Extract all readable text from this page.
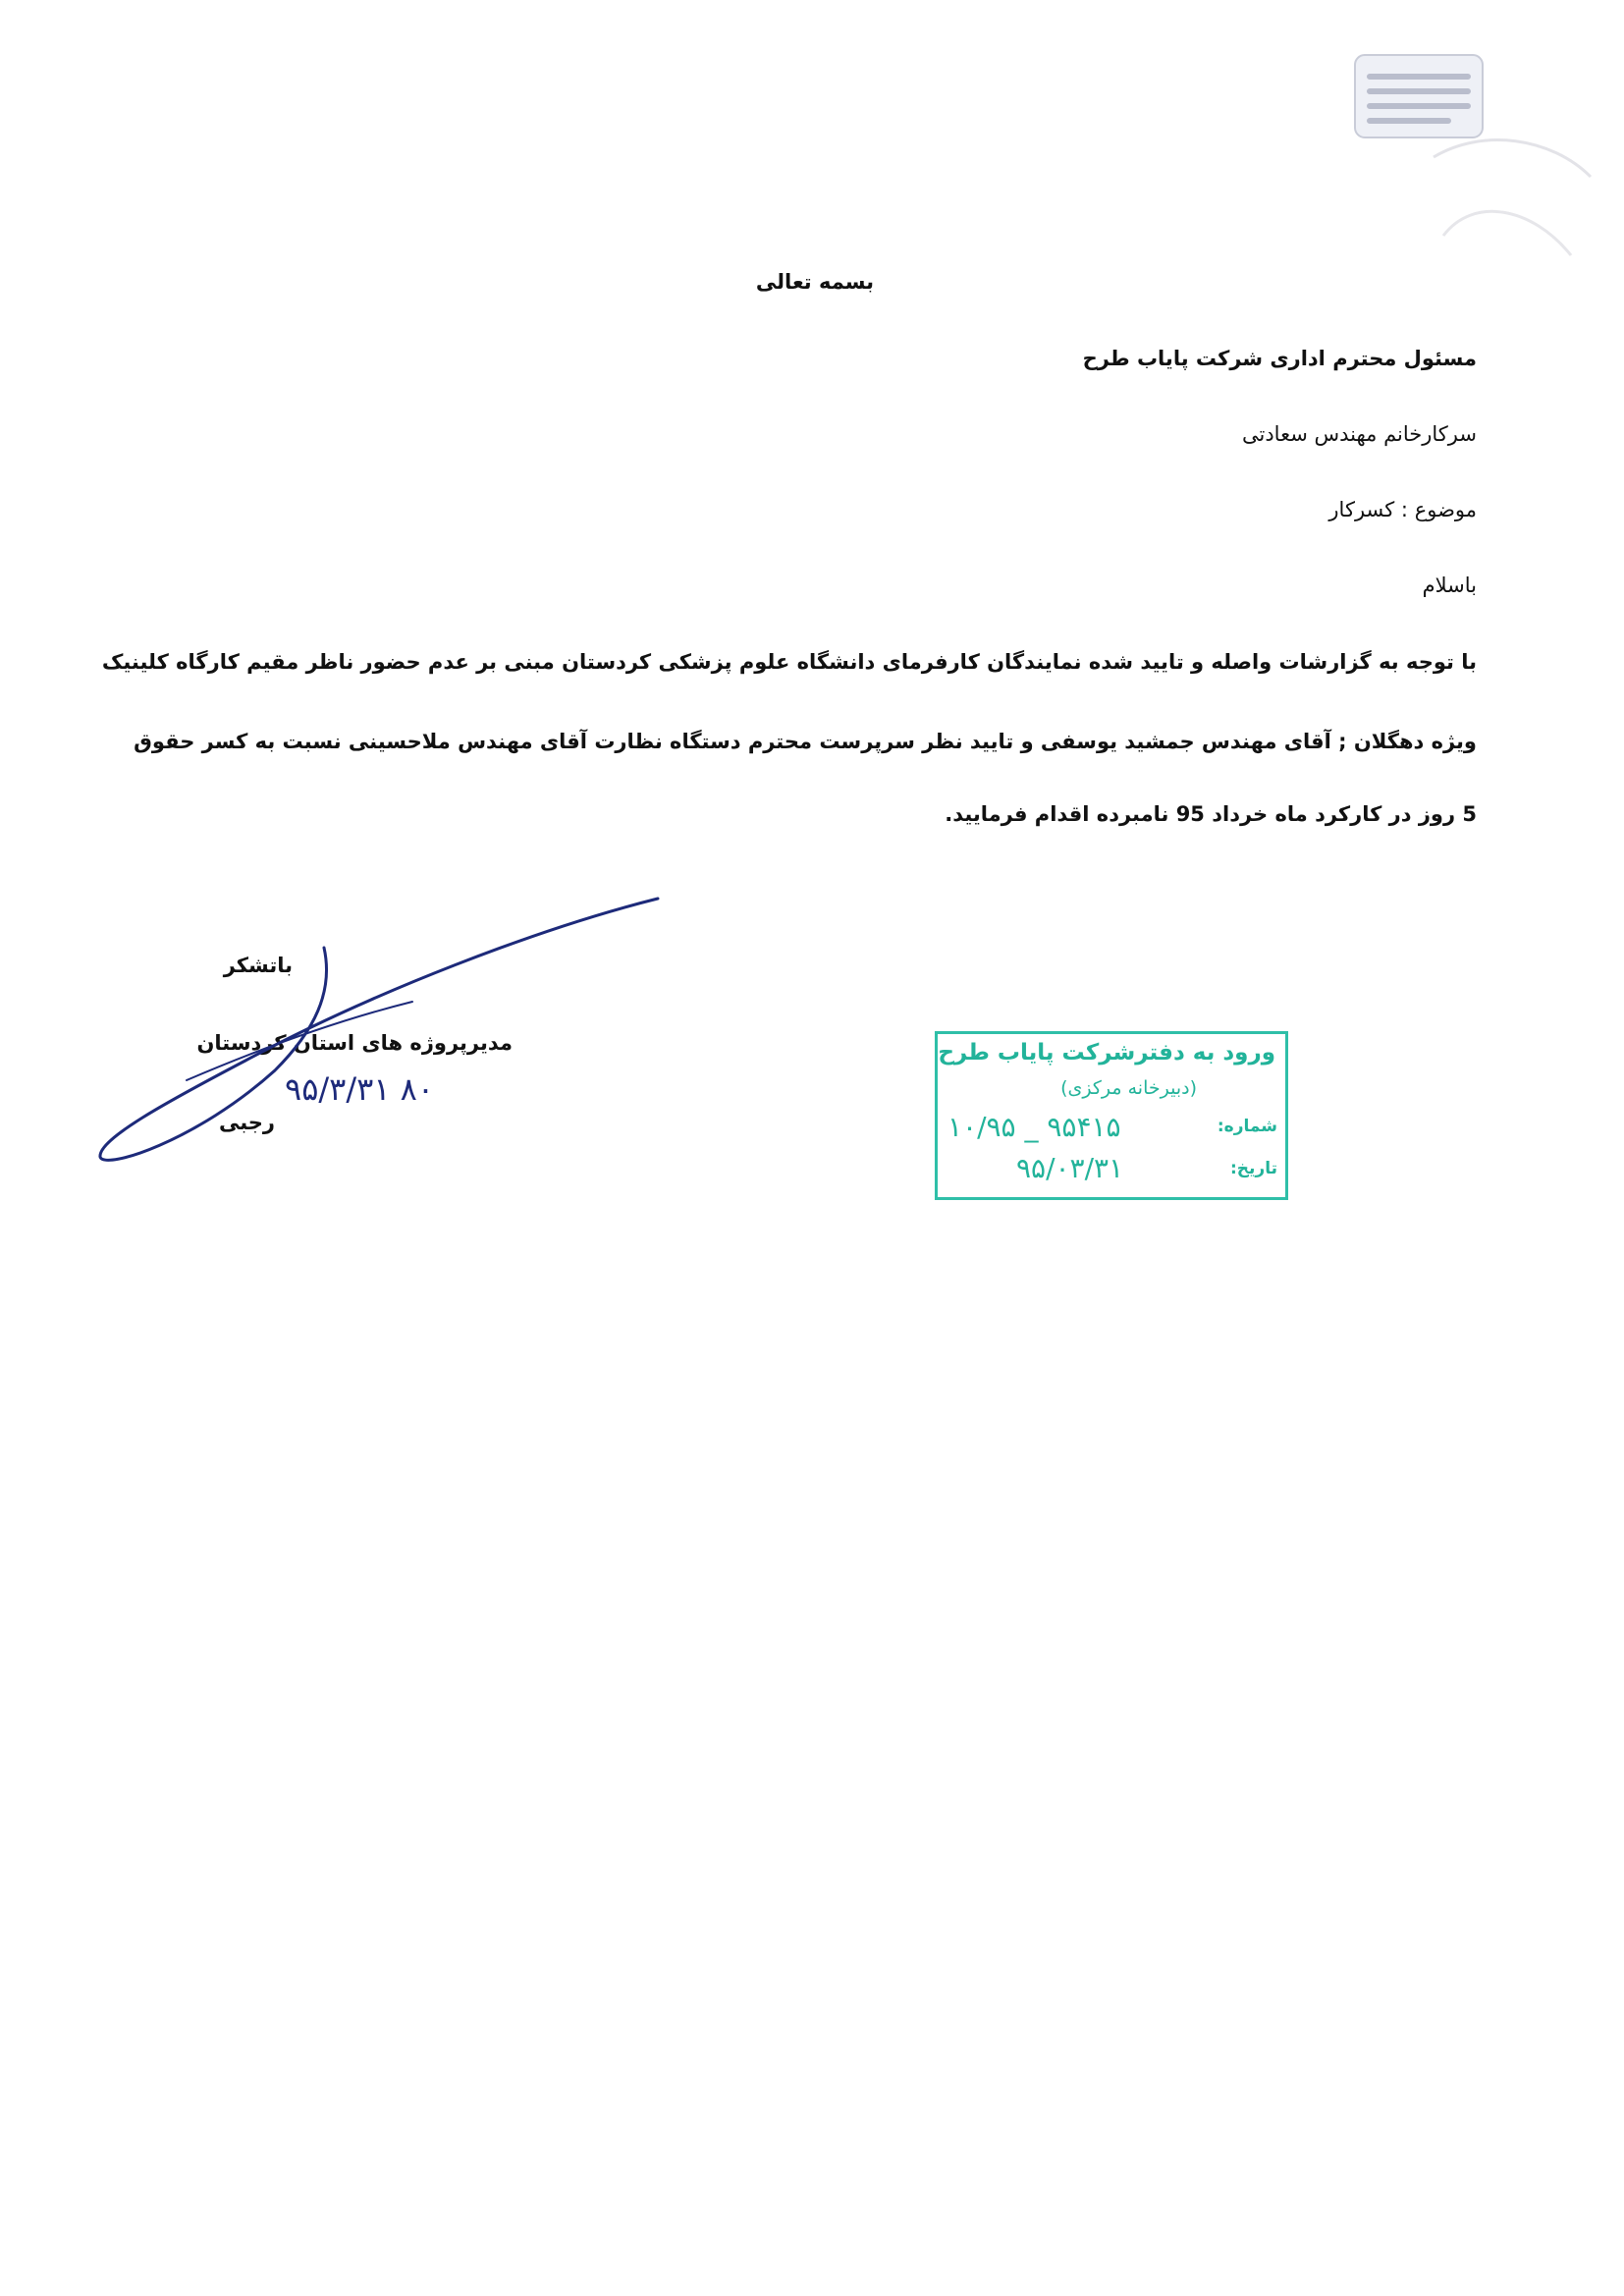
بسمه تعالی
مسئول محترم اداری شرکت پایاب طرح
سرکارخانم مهندس سعادتی
موضوع : کسرکار
باسلام
با توجه به گزارشات واصله و تایید شده نمایندگان کارفرمای دانشگاه علوم پزشکی کردستان مبنی بر عدم حضور ناظر مقیم کارگاه کلینیک
ویژه دهگلان ; آقای مهندس جمشید یوسفی و تایید نظر سرپرست محترم دستگاه نظارت آقای مهندس ملاحسینی نسبت به کسر حقوق
5 روز در کارکرد ماه خرداد 95 نامبرده اقدام فرمایید.
باتشکر
مدیرپروژه های استان کردستان
رجبی
۹۵/۳/۳۱ ۸۰
ورود به دفترشرکت پایاب طرح
(دبیرخانه مرکزی)
شماره:
۱۰/۹۵ _ ۹۵۴۱۵
تاریخ:
۹۵/۰۳/۳۱
